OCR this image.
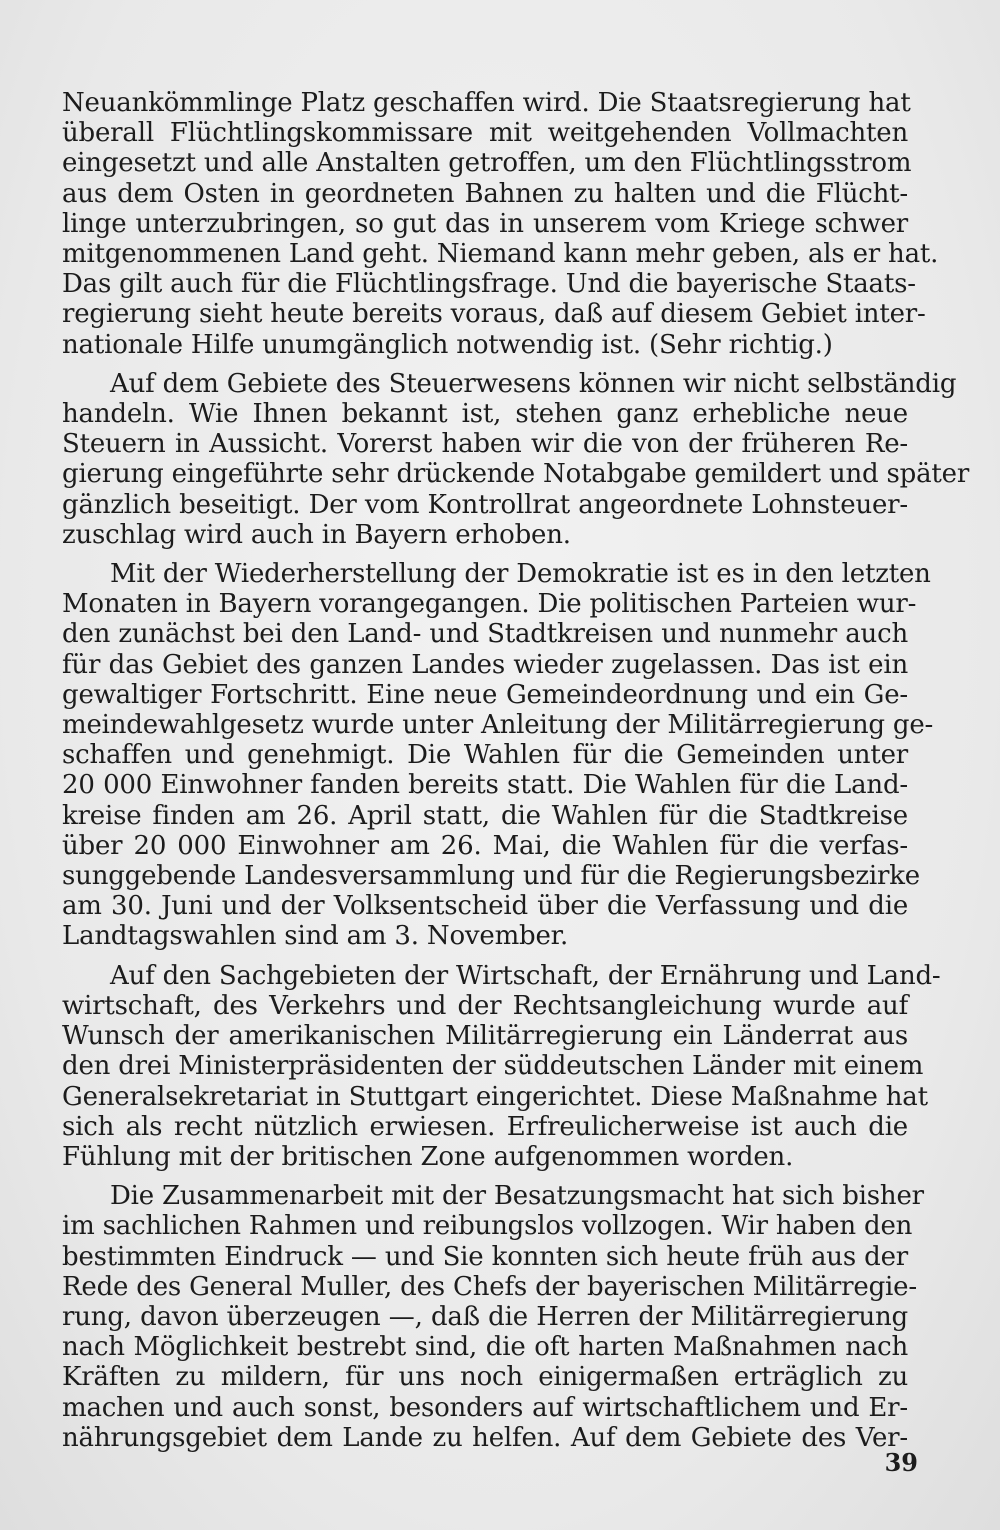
Neuankömmlinge Platz geschaffen wird. Die Staatsregierung hat
überall Flüchtlingskommissare mit weitgehenden Vollmachten
eingesetzt und alle Anstalten getroffen, um den Flüchtlingsstrom
aus dem Osten in geordneten Bahnen zu halten und die Flücht-
linge unterzubringen, so gut das in unserem vom Kriege schwer
mitgenommenen Land geht. Niemand kann mehr geben, als er hat.
Das gilt auch für die Flüchtlingsfrage. Und die bayerische Staats-
regierung sieht heute bereits voraus, daß auf diesem Gebiet inter-
nationale Hilfe unumgänglich notwendig ist. (Sehr richtig.)

Auf dem Gebiete des Steuerwesens können wir nicht selbständig
handeln. Wie Ihnen bekannt ist, stehen ganz erhebliche neue
Steuern in Aussicht. Vorerst haben wir die von der früheren Re-
gierung eingeführte sehr drückende Notabgabe gemildert und später
gänzlich beseitigt. Der vom Kontrollrat angeordnete Lohnsteuer-
zuschlag wird auch in Bayern erhoben.

Mit der Wiederherstellung der Demokratie ist es in den letzten
Monaten in Bayern vorangegangen. Die politischen Parteien wur-
den zunächst bei den Land- und Stadtkreisen und nunmehr auch
für das Gebiet des ganzen Landes wieder zugelassen. Das ist ein
gewaltiger Fortschritt. Eine neue Gemeindeordnung und ein Ge-
meindewahlgesetz wurde unter Anleitung der Militärregierung ge-
schaffen und genehmigt. Die Wahlen für die Gemeinden unter
20 000 Einwohner fanden bereits statt. Die Wahlen für die Land-
kreise finden am 26. April statt, die Wahlen für die Stadtkreise
über 20 000 Einwohner am 26. Mai, die Wahlen für die verfas-
sunggebende Landesversammlung und für die Regierungsbezirke
am 30. Juni und der Volksentscheid über die Verfassung und die
Landtagswahlen sind am 3. November.

Auf den Sachgebieten der Wirtschaft, der Ernährung und Land-
wirtschaft, des Verkehrs und der Rechtsangleichung wurde auf
Wunsch der amerikanischen Militärregierung ein Länderrat aus
den drei Ministerpräsidenten der süddeutschen Länder mit einem
Generalsekretariat in Stuttgart eingerichtet. Diese Maßnahme hat
sich als recht nützlich erwiesen. Erfreulicherweise ist auch die
Fühlung mit der britischen Zone aufgenommen worden.

Die Zusammenarbeit mit der Besatzungsmacht hat sich bisher
im sachlichen Rahmen und reibungslos vollzogen. Wir haben den
bestimmten Eindruck — und Sie konnten sich heute früh aus der
Rede des General Muller, des Chefs der bayerischen Militärregie-
rung, davon überzeugen —, daß die Herren der Militärregierung
nach Möglichkeit bestrebt sind, die oft harten Maßnahmen nach
Kräften zu mildern, für uns noch einigermaßen erträglich zu
machen und auch sonst, besonders auf wirtschaftlichem und Er-
nährungsgebiet dem Lande zu helfen. Auf dem Gebiete des Ver-

39
